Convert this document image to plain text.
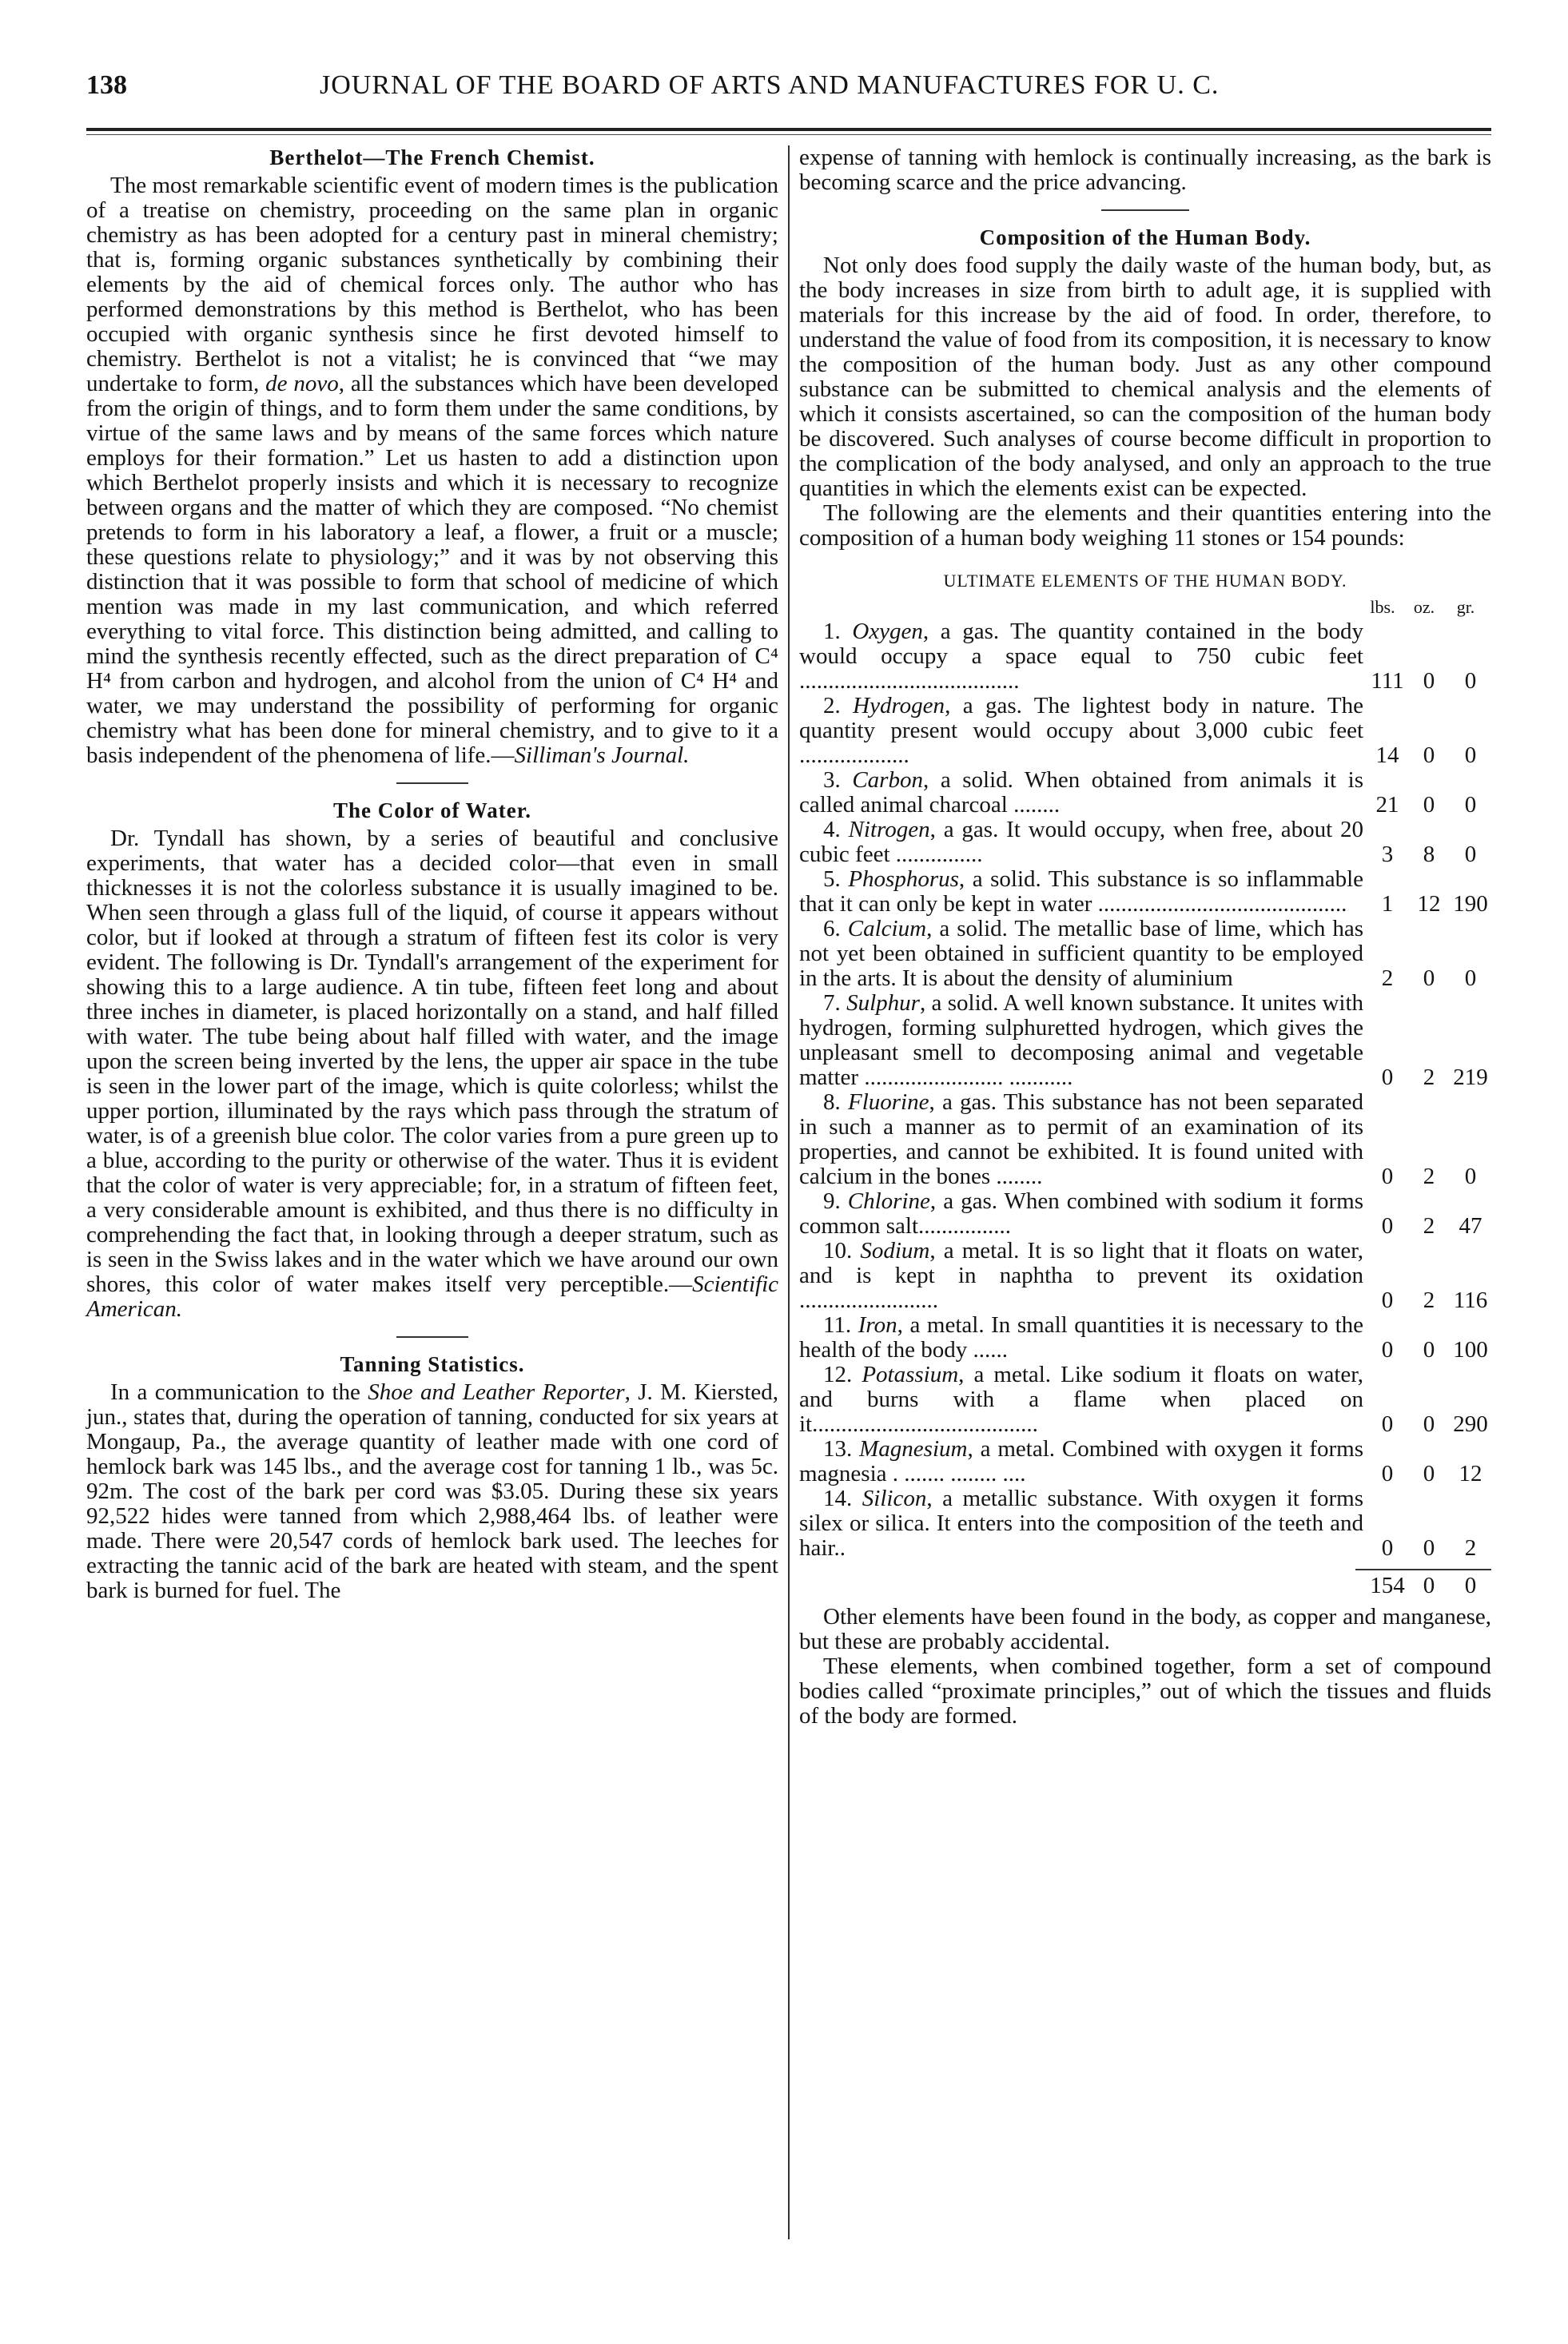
138	JOURNAL OF THE BOARD OF ARTS AND MANUFACTURES FOR U. C.
Berthelot—The French Chemist.

The most remarkable scientific event of modern times is the publication of a treatise on chemistry, proceeding on the same plan in organic chemistry as has been adopted for a century past in mineral chemistry; that is, forming organic substances synthetically by combining their elements by the aid of chemical forces only. The author who has performed demonstrations by this method is Berthelot, who has been occupied with organic synthesis since he first devoted himself to chemistry. Berthelot is not a vitalist; he is convinced that “we may undertake to form, de novo, all the substances which have been developed from the origin of things, and to form them under the same conditions, by virtue of the same laws and by means of the same forces which nature employs for their formation.” Let us hasten to add a distinction upon which Berthelot properly insists and which it is necessary to recognize between organs and the matter of which they are composed. “No chemist pretends to form in his laboratory a leaf, a flower, a fruit or a muscle; these questions relate to physiology;” and it was by not observing this distinction that it was possible to form that school of medicine of which mention was made in my last communication, and which referred everything to vital force. This distinction being admitted, and calling to mind the synthesis recently effected, such as the direct preparation of C⁴ H⁴ from carbon and hydrogen, and alcohol from the union of C⁴ H⁴ and water, we may understand the possibility of performing for organic chemistry what has been done for mineral chemistry, and to give to it a basis independent of the phenomena of life.—Silliman's Journal.

The Color of Water.

Dr. Tyndall has shown, by a series of beautiful and conclusive experiments, that water has a decided color—that even in small thicknesses it is not the colorless substance it is usually imagined to be. When seen through a glass full of the liquid, of course it appears without color, but if looked at through a stratum of fifteen fest its color is very evident. The following is Dr. Tyndall's arrangement of the experiment for showing this to a large audience. A tin tube, fifteen feet long and about three inches in diameter, is placed horizontally on a stand, and half filled with water. The tube being about half filled with water, and the image upon the screen being inverted by the lens, the upper air space in the tube is seen in the lower part of the image, which is quite colorless; whilst the upper portion, illuminated by the rays which pass through the stratum of water, is of a greenish blue color. The color varies from a pure green up to a blue, according to the purity or otherwise of the water. Thus it is evident that the color of water is very appreciable; for, in a stratum of fifteen feet, a very considerable amount is exhibited, and thus there is no difficulty in comprehending the fact that, in looking through a deeper stratum, such as is seen in the Swiss lakes and in the water which we have around our own shores, this color of water makes itself very perceptible.—Scientific American.

Tanning Statistics.

In a communication to the Shoe and Leather Reporter, J. M. Kiersted, jun., states that, during the operation of tanning, conducted for six years at Mongaup, Pa., the average quantity of leather made with one cord of hemlock bark was 145 lbs., and the average cost for tanning 1 lb., was 5c. 92m. The cost of the bark per cord was $3.05. During these six years 92,522 hides were tanned from which 2,988,464 lbs. of leather were made. There were 20,547 cords of hemlock bark used. The leeches for extracting the tannic acid of the bark are heated with steam, and the spent bark is burned for fuel. The

expense of tanning with hemlock is continually increasing, as the bark is becoming scarce and the price advancing.

Composition of the Human Body.

Not only does food supply the daily waste of the human body, but, as the body increases in size from birth to adult age, it is supplied with materials for this increase by the aid of food. In order, therefore, to understand the value of food from its composition, it is necessary to know the composition of the human body. Just as any other compound substance can be submitted to chemical analysis and the elements of which it consists ascertained, so can the composition of the human body be discovered. Such analyses of course become difficult in proportion to the complication of the body analysed, and only an approach to the true quantities in which the elements exist can be expected.

The following are the elements and their quantities entering into the composition of a human body weighing 11 stones or 154 pounds:

ULTIMATE ELEMENTS OF THE HUMAN BODY.
lbs.	oz.	gr.
1. Oxygen, a gas. The quantity contained in the body would occupy a space equal to 750 cubic feet ......................................	111 0	0
2. Hydrogen, a gas. The lightest body in nature. The quantity present would occupy about 3,000 cubic feet ...................	14	0	0
3. Carbon, a solid. When obtained from animals it is called animal charcoal ........	21	0	0
4. Nitrogen, a gas. It would occupy, when free, about 20 cubic feet ...............	3	8	0
5. Phosphorus, a solid. This substance is so inflammable that it can only be kept in water ...........................................	1	12 190
6. Calcium, a solid. The metallic base of lime, which has not yet been obtained in sufficient quantity to be employed in the arts. It is about the density of aluminium	2	0	0
7. Sulphur, a solid. A well known substance. It unites with hydrogen, forming sulphuretted hydrogen, which gives the unpleasant smell to decomposing animal and vegetable matter ........................ ...........	0	2 219
8. Fluorine, a gas. This substance has not been separated in such a manner as to permit of an examination of its properties, and cannot be exhibited. It is found united with calcium in the bones ........	0	2	0
9. Chlorine, a gas. When combined with sodium it forms common salt................	0	2	47
10. Sodium, a metal. It is so light that it floats on water, and is kept in naphtha to prevent its oxidation ........................	0	2 116
11. Iron, a metal. In small quantities it is necessary to the health of the body ......	0	0 100
12. Potassium, a metal. Like sodium it floats on water, and burns with a flame when placed on it.......................................	0	0 290
13. Magnesium, a metal. Combined with oxygen it forms magnesia . ....... ........ ....	0	0	12
14. Silicon, a metallic substance. With oxygen it forms silex or silica. It enters into the composition of the teeth and hair..	0	0	2
154 0	0

Other elements have been found in the body, as copper and manganese, but these are probably accidental.

These elements, when combined together, form a set of compound bodies called “proximate principles,” out of which the tissues and fluids of the body are formed.
